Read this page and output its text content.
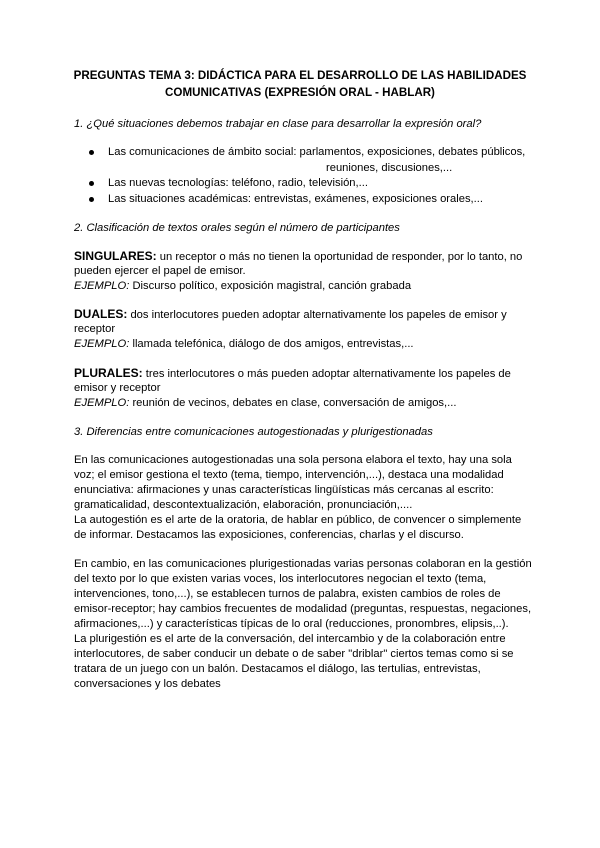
PREGUNTAS TEMA 3: DIDÁCTICA PARA EL DESARROLLO DE LAS HABILIDADES
COMUNICATIVAS (EXPRESIÓN ORAL - HABLAR)
1. ¿Qué situaciones debemos trabajar en clase para desarrollar la expresión oral?
Las comunicaciones de ámbito social: parlamentos, exposiciones, debates públicos,
reuniones, discusiones,...
Las nuevas tecnologías: teléfono, radio, televisión,...
Las situaciones académicas: entrevistas, exámenes, exposiciones orales,...
2. Clasificación de textos orales según el número de participantes
SINGULARES: un receptor o más no tienen la oportunidad de responder, por lo tanto, no
pueden ejercer el papel de emisor.
EJEMPLO: Discurso político, exposición magistral, canción grabada
DUALES: dos interlocutores pueden adoptar alternativamente los papeles de emisor y
receptor
EJEMPLO: llamada telefónica, diálogo de dos amigos, entrevistas,...
PLURALES: tres interlocutores o más pueden adoptar alternativamente los papeles de
emisor y receptor
EJEMPLO: reunión de vecinos, debates en clase, conversación de amigos,...
3. Diferencias entre comunicaciones autogestionadas y plurigestionadas
En las comunicaciones autogestionadas una sola persona elabora el texto, hay una sola
voz; el emisor gestiona el texto (tema, tiempo, intervención,...), destaca una modalidad
enunciativa: afirmaciones y unas características lingüísticas más cercanas al escrito:
gramaticalidad, descontextualización, elaboración, pronunciación,....
La autogestión es el arte de la oratoria, de hablar en público, de convencer o simplemente
de informar. Destacamos las exposiciones, conferencias, charlas y el discurso.
En cambio, en las comunicaciones plurigestionadas varias personas colaboran en la gestión
del texto por lo que existen varias voces, los interlocutores negocian el texto (tema,
intervenciones, tono,...), se establecen turnos de palabra, existen cambios de roles de
emisor-receptor; hay cambios frecuentes de modalidad (preguntas, respuestas, negaciones,
afirmaciones,...) y características típicas de lo oral (reducciones, pronombres, elipsis,..).
La plurigestión es el arte de la conversación, del intercambio y de la colaboración entre
interlocutores, de saber conducir un debate o de saber "driblar" ciertos temas como si se
tratara de un juego con un balón. Destacamos el diálogo, las tertulias, entrevistas,
conversaciones y los debates
